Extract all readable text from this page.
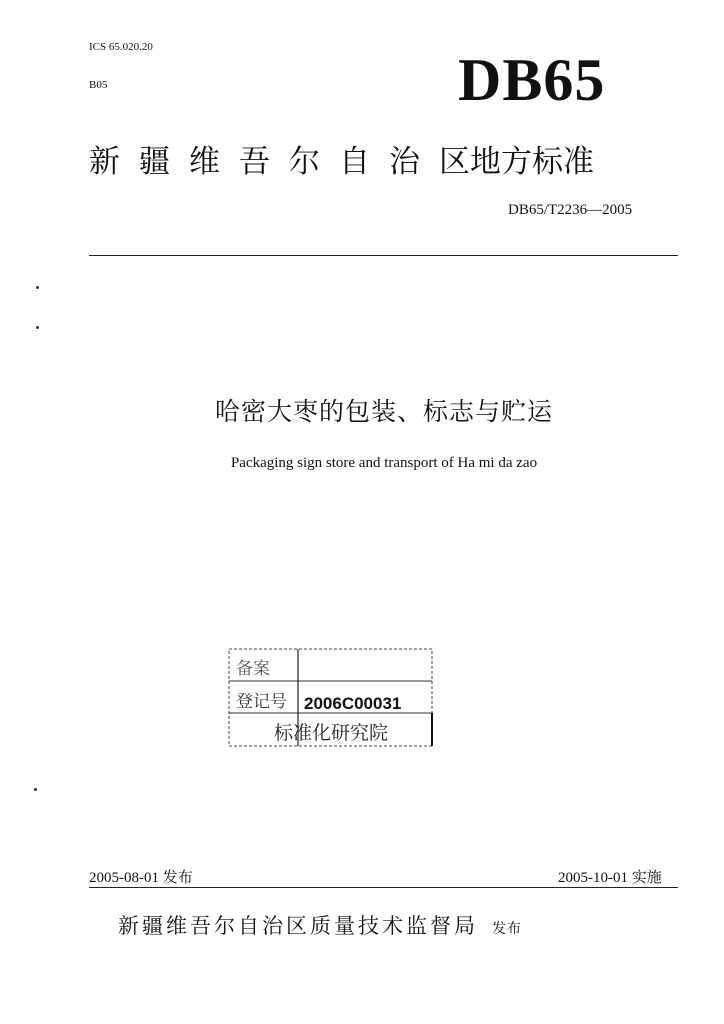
ICS 65.020.20
B05	DB65
新疆维吾尔自治 区地方标准
DB65/T2236—2005
哈密大枣的包装、标志与贮运
Packaging sign store and transport of Ha mi da zao
备案
登记号 2006C00031
标准化研究院
2005-08-01 发布	2005-10-01 实施
新疆维吾尔自治区质量技术监督局 发布
